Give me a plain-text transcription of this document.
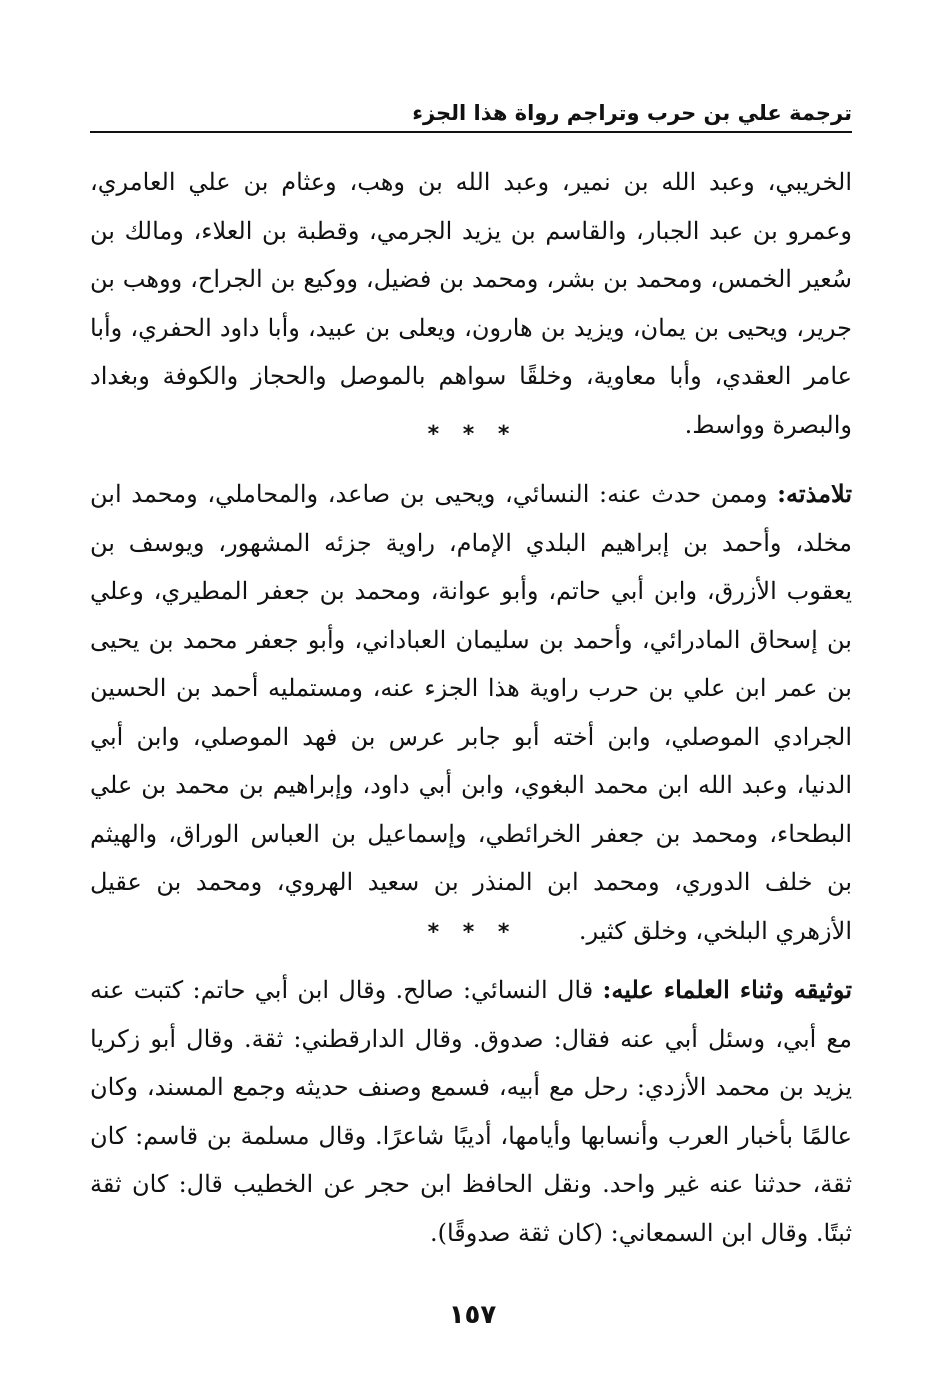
ترجمة علي بن حرب وتراجم رواة هذا الجزء

الخريبي، وعبد الله بن نمير، وعبد الله بن وهب، وعثام بن علي العامري، وعمرو بن عبد الجبار، والقاسم بن يزيد الجرمي، وقطبة بن العلاء، ومالك بن سُعير الخمس، ومحمد بن بشر، ومحمد بن فضيل، ووكيع بن الجراح، ووهب بن جرير، ويحيى بن يمان، ويزيد بن هارون، ويعلى بن عبيد، وأبا داود الحفري، وأبا عامر العقدي، وأبا معاوية، وخلقًا سواهم بالموصل والحجاز والكوفة وبغداد والبصرة وواسط.

* * *

تلامذته: وممن حدث عنه: النسائي، ويحيى بن صاعد، والمحاملي، ومحمد ابن مخلد، وأحمد بن إبراهيم البلدي الإمام، راوية جزئه المشهور، ويوسف بن يعقوب الأزرق، وابن أبي حاتم، وأبو عوانة، ومحمد بن جعفر المطيري، وعلي بن إسحاق المادرائي، وأحمد بن سليمان العباداني، وأبو جعفر محمد بن يحيى بن عمر ابن علي بن حرب راوية هذا الجزء عنه، ومستمليه أحمد بن الحسين الجرادي الموصلي، وابن أخته أبو جابر عرس بن فهد الموصلي، وابن أبي الدنيا، وعبد الله ابن محمد البغوي، وابن أبي داود، وإبراهيم بن محمد بن علي البطحاء، ومحمد بن جعفر الخرائطي، وإسماعيل بن العباس الوراق، والهيثم بن خلف الدوري، ومحمد ابن المنذر بن سعيد الهروي، ومحمد بن عقيل الأزهري البلخي، وخلق كثير.

* * *

توثيقه وثناء العلماء عليه: قال النسائي: صالح. وقال ابن أبي حاتم: كتبت عنه مع أبي، وسئل أبي عنه فقال: صدوق. وقال الدارقطني: ثقة. وقال أبو زكريا يزيد بن محمد الأزدي: رحل مع أبيه، فسمع وصنف حديثه وجمع المسند، وكان عالمًا بأخبار العرب وأنسابها وأيامها، أديبًا شاعرًا. وقال مسلمة بن قاسم: كان ثقة، حدثنا عنه غير واحد. ونقل الحافظ ابن حجر عن الخطيب قال: كان ثقة ثبتًا. وقال ابن السمعاني: (كان ثقة صدوقًا).

١٥٧
